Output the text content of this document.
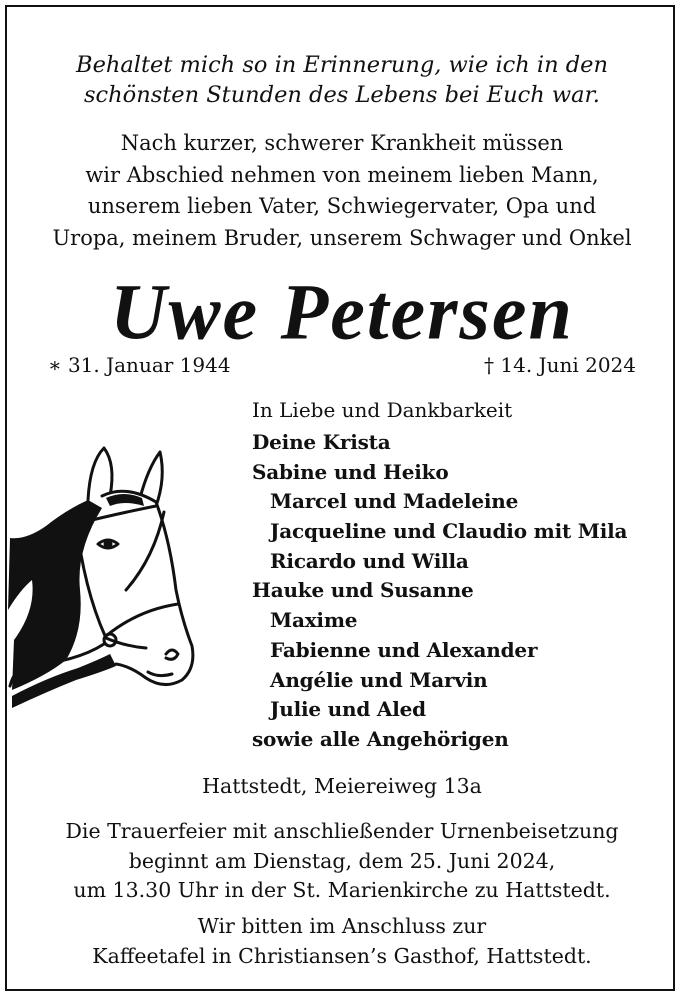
Behaltet mich so in Erinnerung, wie ich in den
schönsten Stunden des Lebens bei Euch war.
Nach kurzer, schwerer Krankheit müssen
wir Abschied nehmen von meinem lieben Mann,
unserem lieben Vater, Schwiegervater, Opa und
Uropa, meinem Bruder, unserem Schwager und Onkel
Uwe Petersen
∗ 31. Januar 1944	† 14. Juni 2024
In Liebe und Dankbarkeit
Deine Krista
Sabine und Heiko
Marcel und Madeleine
Jacqueline und Claudio mit Mila
Ricardo und Willa
Hauke und Susanne
Maxime
Fabienne und Alexander
Angélie und Marvin
Julie und Aled
sowie alle Angehörigen
Hattstedt, Meiereiweg 13a
Die Trauerfeier mit anschließender Urnenbeisetzung
beginnt am Dienstag, dem 25. Juni 2024,
um 13.30 Uhr in der St. Marienkirche zu Hattstedt.
Wir bitten im Anschluss zur
Kaffeetafel in Christiansen’s Gasthof, Hattstedt.
